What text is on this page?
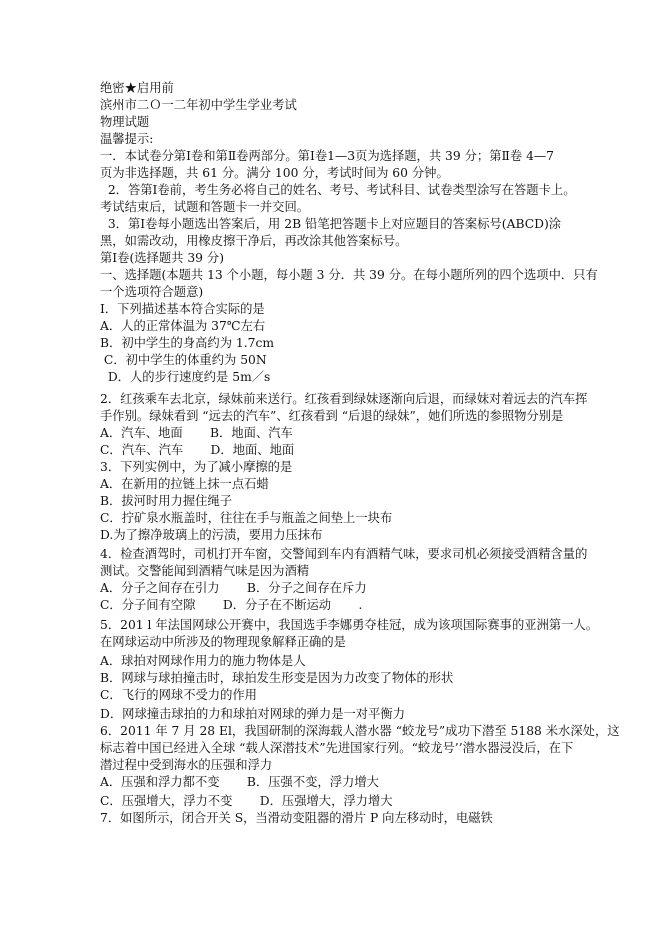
绝密★启用前
滨州市二Ｏ一二年初中学生学业考试
物理试题
温馨提示:
一．本试卷分第Ⅰ卷和第Ⅱ卷两部分。第Ⅰ卷1—3页为选择题，共 39 分；第Ⅱ卷 4—7
页为非选择题，共 61 分。满分 100 分，考试时间为 60 分钟。
2．答第Ⅰ卷前，考生务必将自己的姓名、考号、考试科目、试卷类型涂写在答题卡上。
考试结束后，试题和答题卡一并交回。
3．第Ⅰ卷每小题选出答案后，用 2B 铅笔把答题卡上对应题目的答案标号(ABCD)涂
黑，如需改动，用橡皮擦干净后，再改涂其他答案标号。
第Ⅰ卷(选择题共 39 分)
一、选择题(本题共 13 个小题，每小题 3 分．共 39 分。在每小题所列的四个选项中．只有
一个选项符合题意)
I．下列描述基本符合实际的是
A．人的正常体温为 37℃左右
B．初中学生的身高约为 1.7cm
C．初中学生的体重约为 50N
D．人的步行速度约是 5m／s
2．红孩乘车去北京，绿妹前来送行。红孩看到绿妹逐渐向后退，而绿妹对着远去的汽车挥
手作别。绿妹看到 “远去的汽车”、红孩看到 “后退的绿妹”，她们所选的参照物分别是
A．汽车、地面       B．地面、汽车
C．汽车、汽车       D．地面、地面
3．下列实例中，为了减小摩擦的是
A．在新用的拉链上抹一点石蜡
B．拔河时用力握住绳子
C．拧矿泉水瓶盖时，往往在手与瓶盖之间垫上一块布
D.为了擦净玻璃上的污渍，要用力压抹布
4．检查酒驾时，司机打开车窗，交警闻到车内有酒精气味，要求司机必须接受酒精含量的
测试。交警能闻到酒精气味是因为酒精
A．分子之间存在引力       B．分子之间存在斥力
C．分子间有空隙       D．分子在不断运动       .
5．201 l 年法国网球公开赛中，我国选手李娜勇夺桂冠，成为该项国际赛事的亚洲第一人。
在网球运动中所涉及的物理现象解释正确的是
A．球拍对网球作用力的施力物体是人
B．网球与球拍撞击时，球拍发生形变是因为力改变了物体的形状
C．飞行的网球不受力的作用
D．网球撞击球拍的力和球拍对网球的弹力是一对平衡力
6．2011 年 7 月 28 El，我国研制的深海载人潜水器 “蛟龙号”成功下潜至 5188 米水深处，这
标志着中国已经进入全球 “载人深潜技术”先进国家行列。“蛟龙号’’潜水器浸没后，在下
潜过程中受到海水的压强和浮力
A．压强和浮力都不变       B．压强不变，浮力增大
C．压强增大，浮力不变       D．压强增大，浮力增大
7．如图所示，闭合开关 S，当滑动变阻器的滑片 P 向左移动时，电磁铁
